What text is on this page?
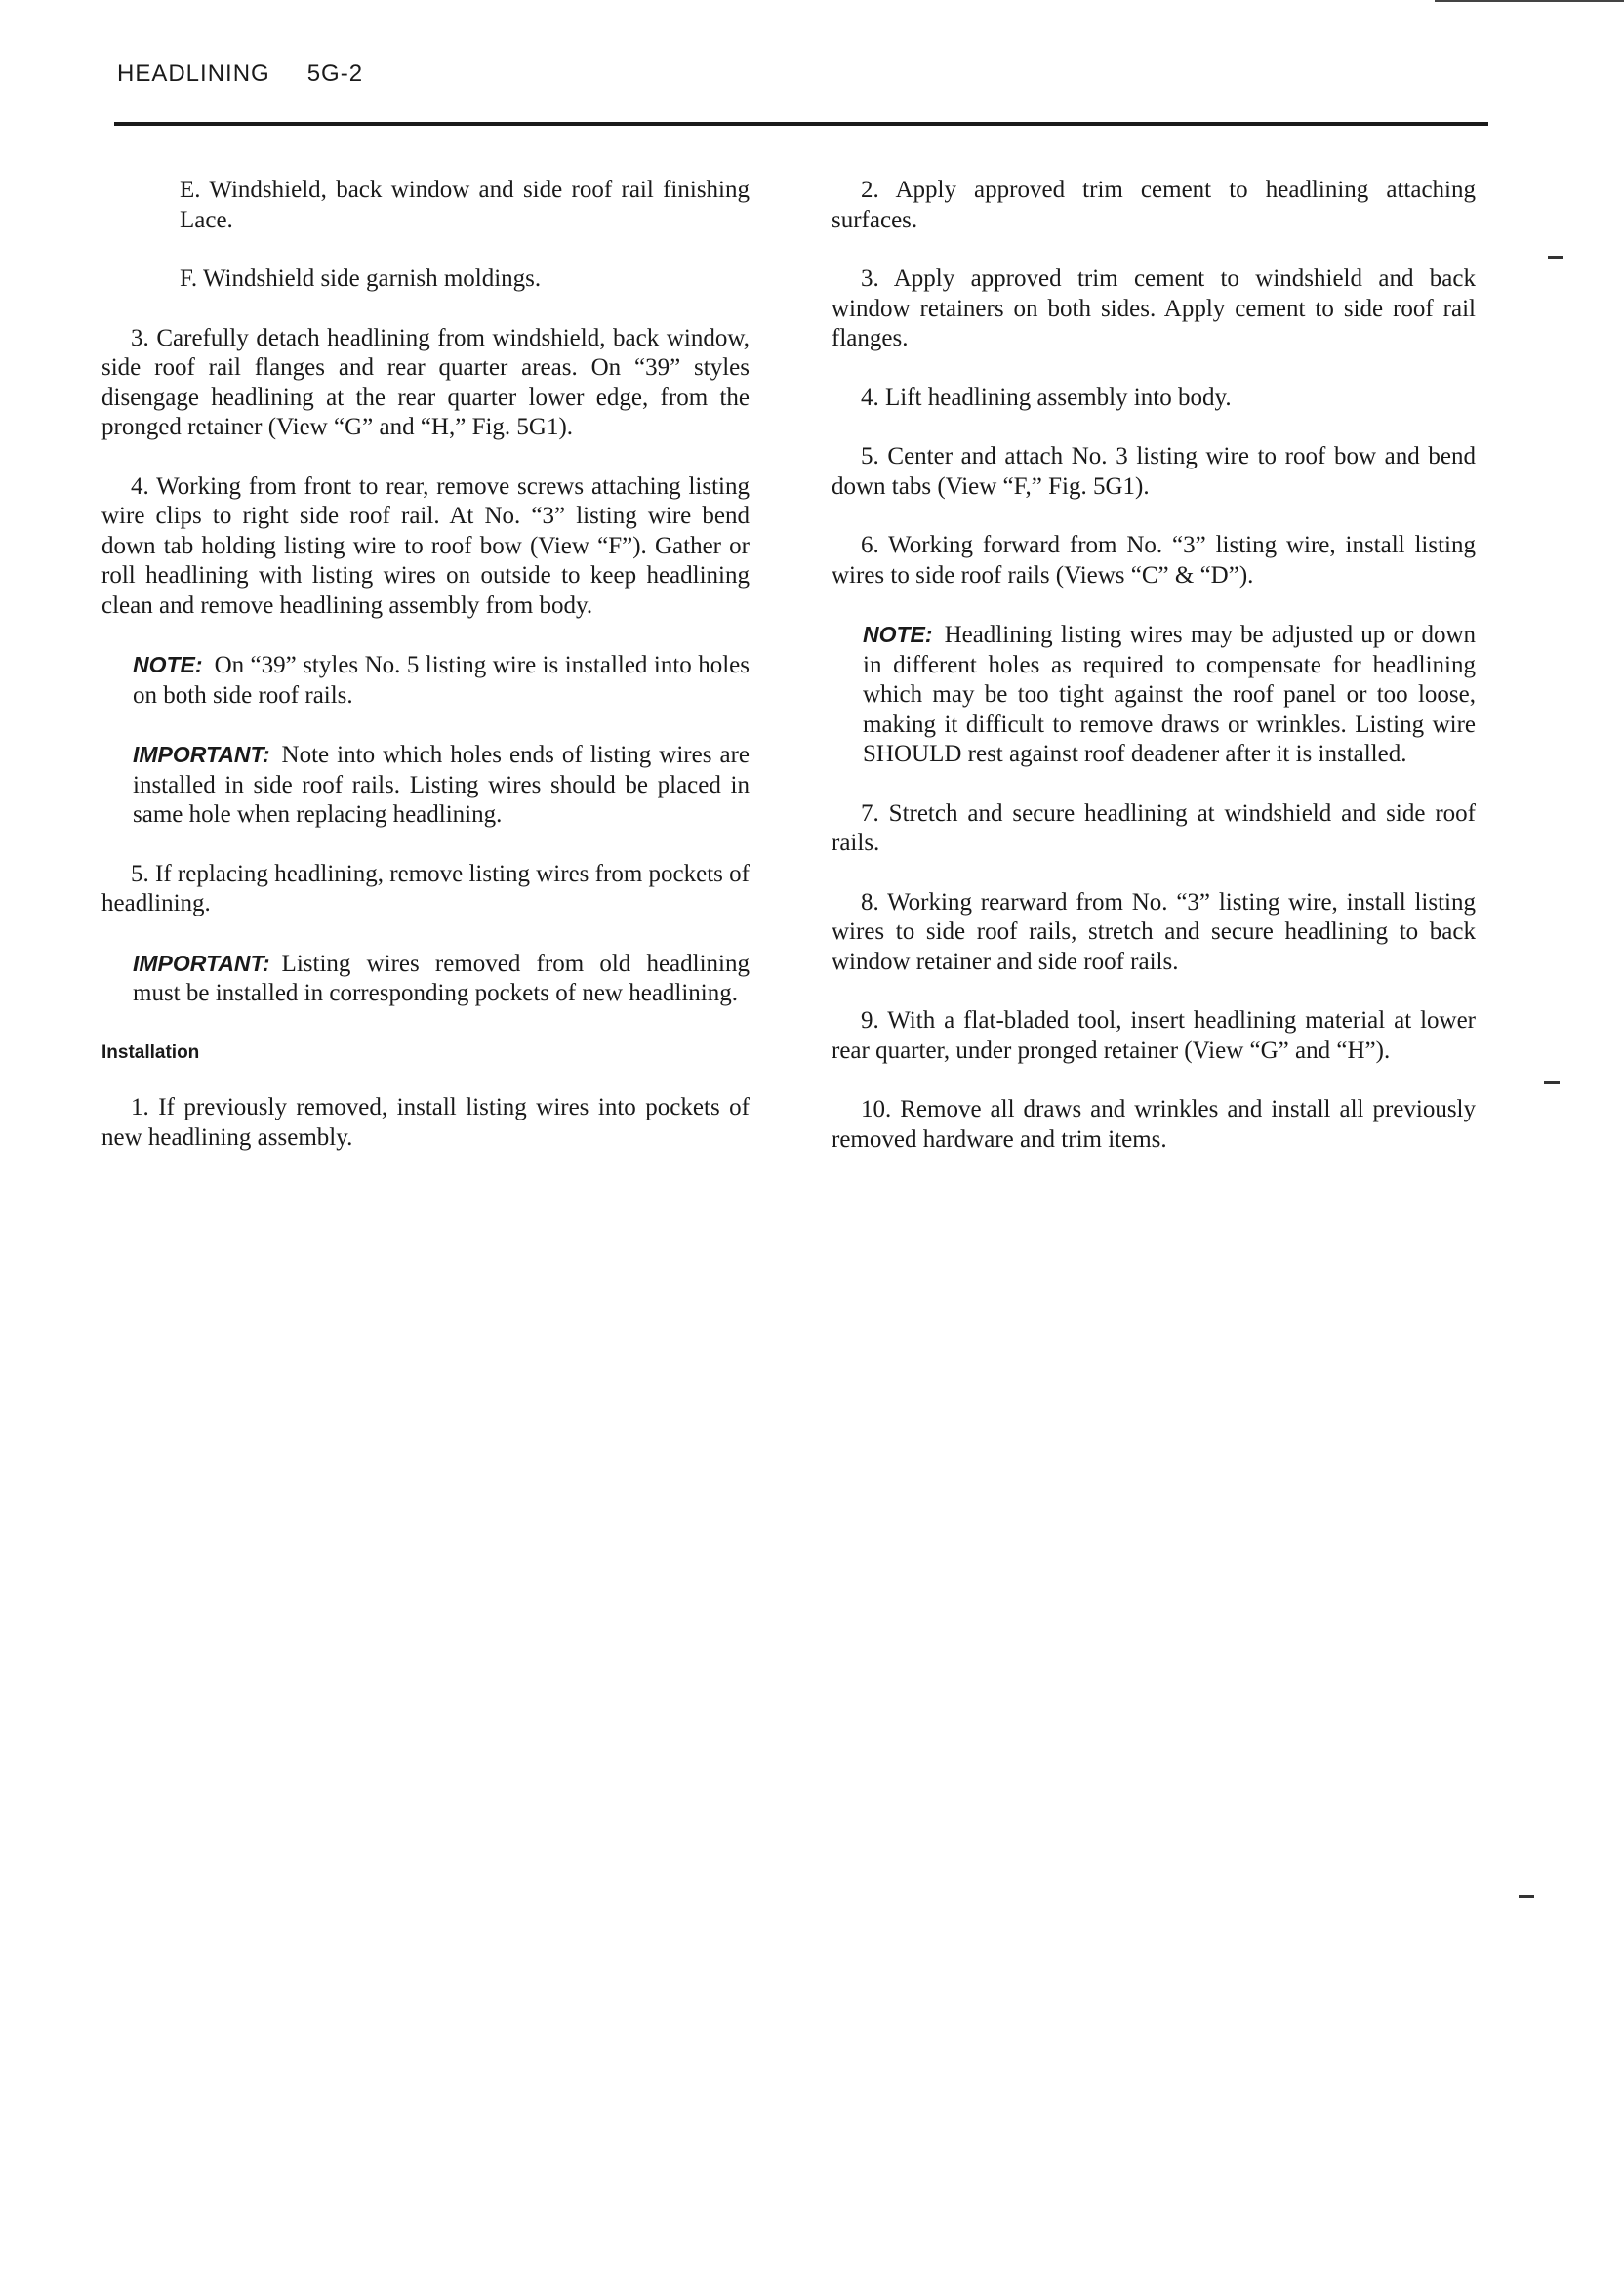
HEADLINING 5G-2

E. Windshield, back window and side roof rail finishing Lace.

F. Windshield side garnish moldings.

3. Carefully detach headlining from windshield, back window, side roof rail flanges and rear quarter areas. On “39” styles disengage headlining at the rear quarter lower edge, from the pronged retainer (View “G” and “H,” Fig. 5G1).

4. Working from front to rear, remove screws attaching listing wire clips to right side roof rail. At No. “3” listing wire bend down tab holding listing wire to roof bow (View “F”). Gather or roll headlining with listing wires on outside to keep headlining clean and remove headlining assembly from body.

NOTE: On “39” styles No. 5 listing wire is installed into holes on both side roof rails.

IMPORTANT: Note into which holes ends of listing wires are installed in side roof rails. Listing wires should be placed in same hole when replacing headlining.

5. If replacing headlining, remove listing wires from pockets of headlining.

IMPORTANT: Listing wires removed from old headlining must be installed in corresponding pockets of new headlining.

Installation

1. If previously removed, install listing wires into pockets of new headlining assembly.

2. Apply approved trim cement to headlining attaching surfaces.

3. Apply approved trim cement to windshield and back window retainers on both sides. Apply cement to side roof rail flanges.

4. Lift headlining assembly into body.

5. Center and attach No. 3 listing wire to roof bow and bend down tabs (View “F,” Fig. 5G1).

6. Working forward from No. “3” listing wire, install listing wires to side roof rails (Views “C” & “D”).

NOTE: Headlining listing wires may be adjusted up or down in different holes as required to compensate for headlining which may be too tight against the roof panel or too loose, making it difficult to remove draws or wrinkles. Listing wire SHOULD rest against roof deadener after it is installed.

7. Stretch and secure headlining at windshield and side roof rails.

8. Working rearward from No. “3” listing wire, install listing wires to side roof rails, stretch and secure headlining to back window retainer and side roof rails.

9. With a flat-bladed tool, insert headlining material at lower rear quarter, under pronged retainer (View “G” and “H”).

10. Remove all draws and wrinkles and install all previously removed hardware and trim items.
